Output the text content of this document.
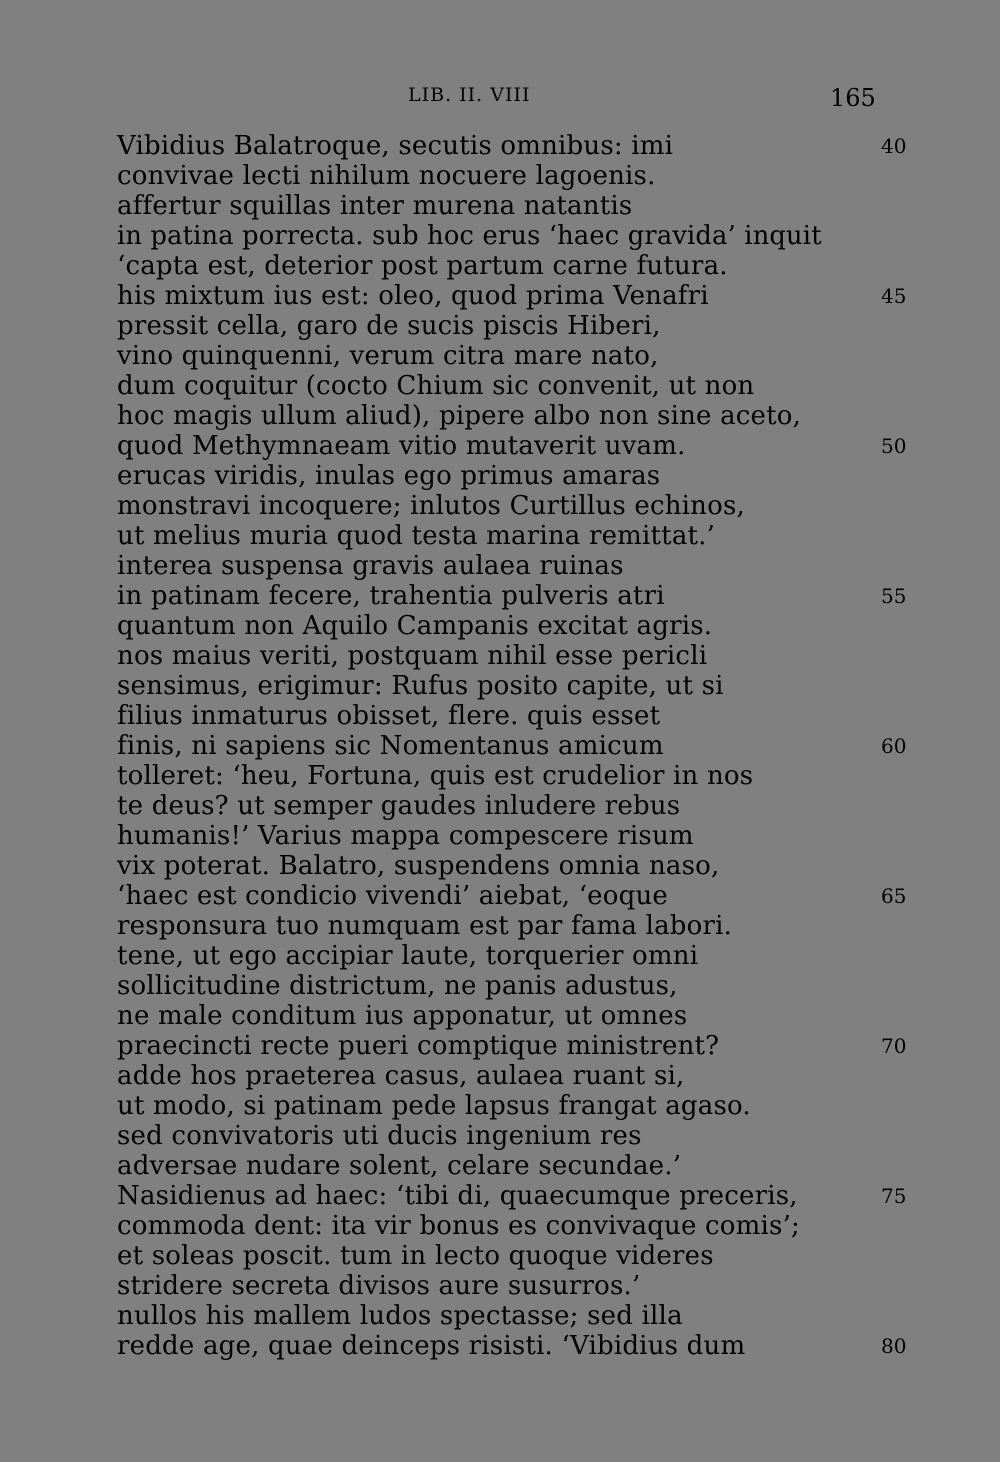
LIB. II. VIII	165
Vibidius Balatroque, secutis omnibus: imi	40
convivae lecti nihilum nocuere lagoenis.
affertur squillas inter murena natantis
in patina porrecta. sub hoc erus ‘haec gravida’ inquit
‘capta est, deterior post partum carne futura.
his mixtum ius est: oleo, quod prima Venafri	45
pressit cella, garo de sucis piscis Hiberi,
vino quinquenni, verum citra mare nato,
dum coquitur (cocto Chium sic convenit, ut non
hoc magis ullum aliud), pipere albo non sine aceto,
quod Methymnaeam vitio mutaverit uvam.	50
erucas viridis, inulas ego primus amaras
monstravi incoquere; inlutos Curtillus echinos,
ut melius muria quod testa marina remittat.’
interea suspensa gravis aulaea ruinas
in patinam fecere, trahentia pulveris atri	55
quantum non Aquilo Campanis excitat agris.
nos maius veriti, postquam nihil esse pericli
sensimus, erigimur: Rufus posito capite, ut si
filius inmaturus obisset, flere. quis esset
finis, ni sapiens sic Nomentanus amicum	60
tolleret: ‘heu, Fortuna, quis est crudelior in nos
te deus? ut semper gaudes inludere rebus
humanis!’ Varius mappa compescere risum
vix poterat. Balatro, suspendens omnia naso,
‘haec est condicio vivendi’ aiebat, ‘eoque	65
responsura tuo numquam est par fama labori.
tene, ut ego accipiar laute, torquerier omni
sollicitudine districtum, ne panis adustus,
ne male conditum ius apponatur, ut omnes
praecincti recte pueri comptique ministrent?	70
adde hos praeterea casus, aulaea ruant si,
ut modo, si patinam pede lapsus frangat agaso.
sed convivatoris uti ducis ingenium res
adversae nudare solent, celare secundae.’
Nasidienus ad haec: ‘tibi di, quaecumque preceris,	75
commoda dent: ita vir bonus es convivaque comis’;
et soleas poscit. tum in lecto quoque videres
stridere secreta divisos aure susurros.’
nullos his mallem ludos spectasse; sed illa
redde age, quae deinceps risisti. ‘Vibidius dum	80
